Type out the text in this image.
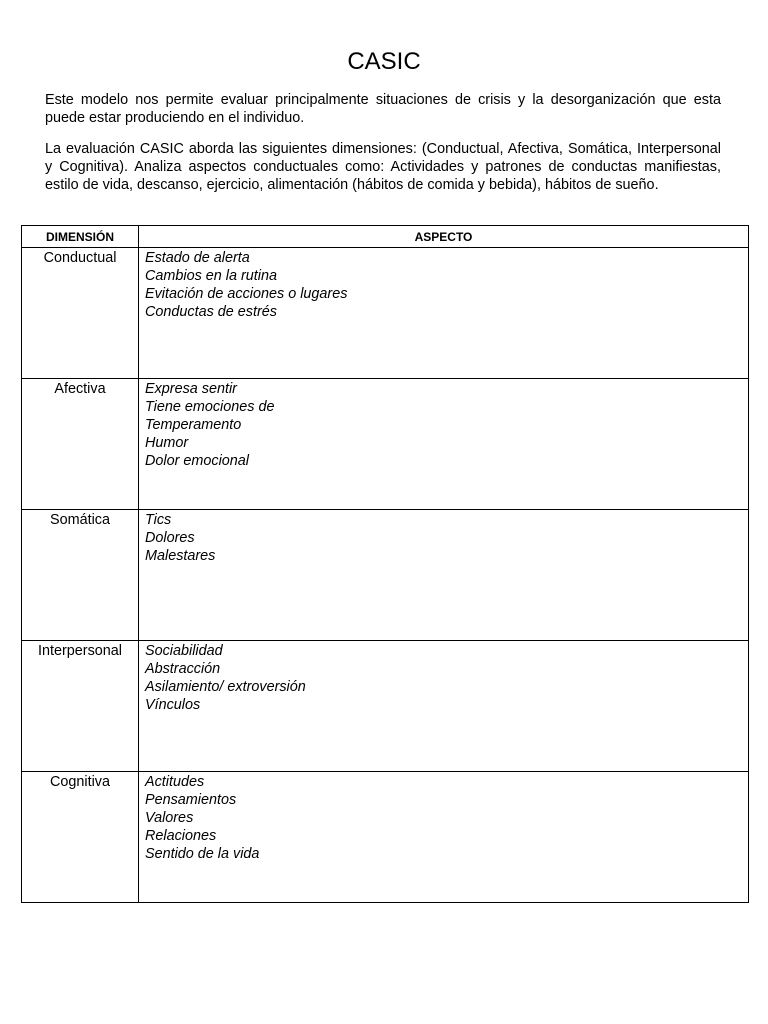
CASIC

Este modelo nos permite evaluar principalmente situaciones de crisis y la desorganización que esta puede estar produciendo en el individuo.

La evaluación CASIC aborda las siguientes dimensiones: (Conductual, Afectiva, Somática, Interpersonal y Cognitiva). Analiza aspectos conductuales como: Actividades y patrones de conductas manifiestas, estilo de vida, descanso, ejercicio, alimentación (hábitos de comida y bebida), hábitos de sueño.

DIMENSIÓN	ASPECTO
Conductual	Estado de alerta
Cambios en la rutina
Evitación de acciones o lugares
Conductas de estrés

Afectiva	Expresa sentir
Tiene emociones de
Temperamento
Humor
Dolor emocional

Somática	Tics
Dolores
Malestares

Interpersonal	Sociabilidad
Abstracción
Asilamiento/ extroversión
Vínculos

Cognitiva	Actitudes
Pensamientos
Valores
Relaciones
Sentido de la vida
